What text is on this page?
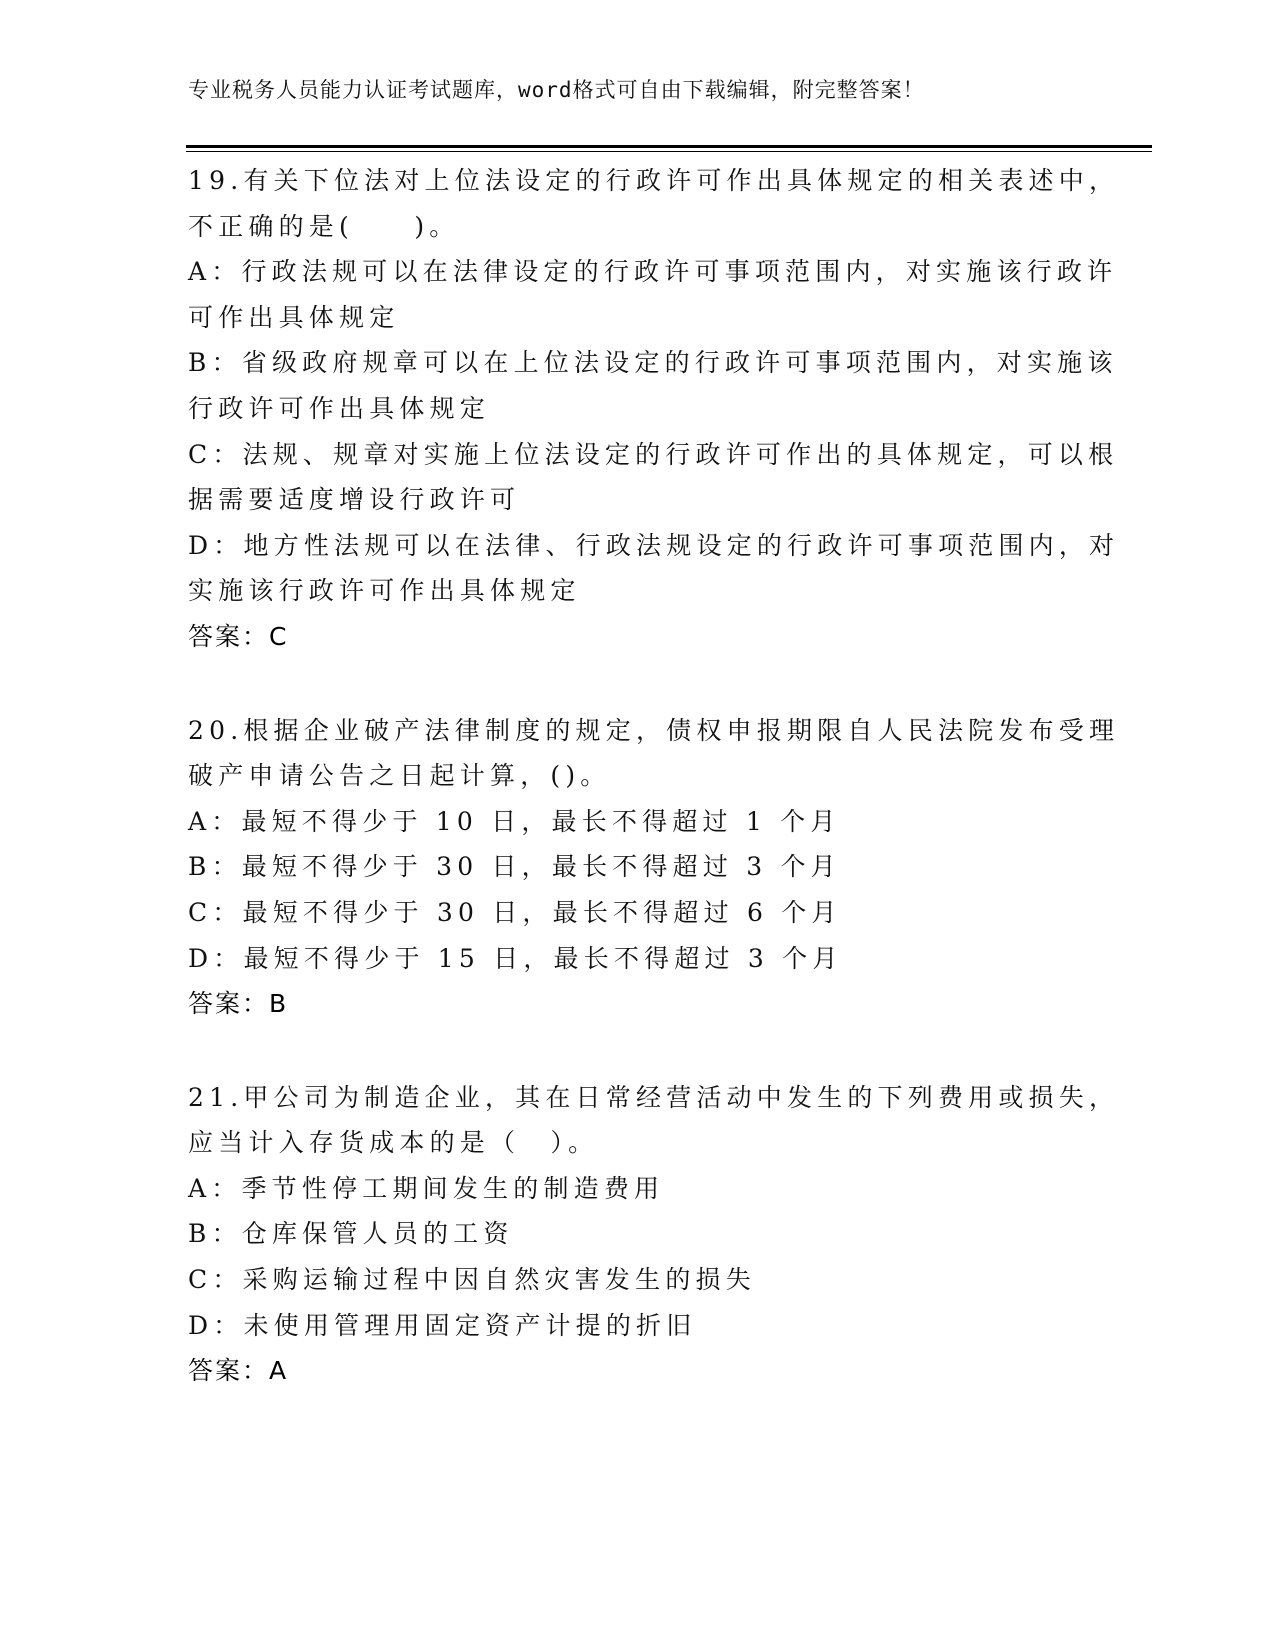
专业税务人员能力认证考试题库，word格式可自由下载编辑，附完整答案！
19.有关下位法对上位法设定的行政许可作出具体规定的相关表述中，
不正确的是(　　)。
A：行政法规可以在法律设定的行政许可事项范围内，对实施该行政许
可作出具体规定
B：省级政府规章可以在上位法设定的行政许可事项范围内，对实施该
行政许可作出具体规定
C：法规、规章对实施上位法设定的行政许可作出的具体规定，可以根
据需要适度增设行政许可
D：地方性法规可以在法律、行政法规设定的行政许可事项范围内，对
实施该行政许可作出具体规定
答案：C
20.根据企业破产法律制度的规定，债权申报期限自人民法院发布受理
破产申请公告之日起计算，()。
A：最短不得少于 10 日，最长不得超过 1 个月
B：最短不得少于 30 日，最长不得超过 3 个月
C：最短不得少于 30 日，最长不得超过 6 个月
D：最短不得少于 15 日，最长不得超过 3 个月
答案：B
21.甲公司为制造企业，其在日常经营活动中发生的下列费用或损失，
应当计入存货成本的是（　）。
A：季节性停工期间发生的制造费用
B：仓库保管人员的工资
C：采购运输过程中因自然灾害发生的损失
D：未使用管理用固定资产计提的折旧
答案：A
